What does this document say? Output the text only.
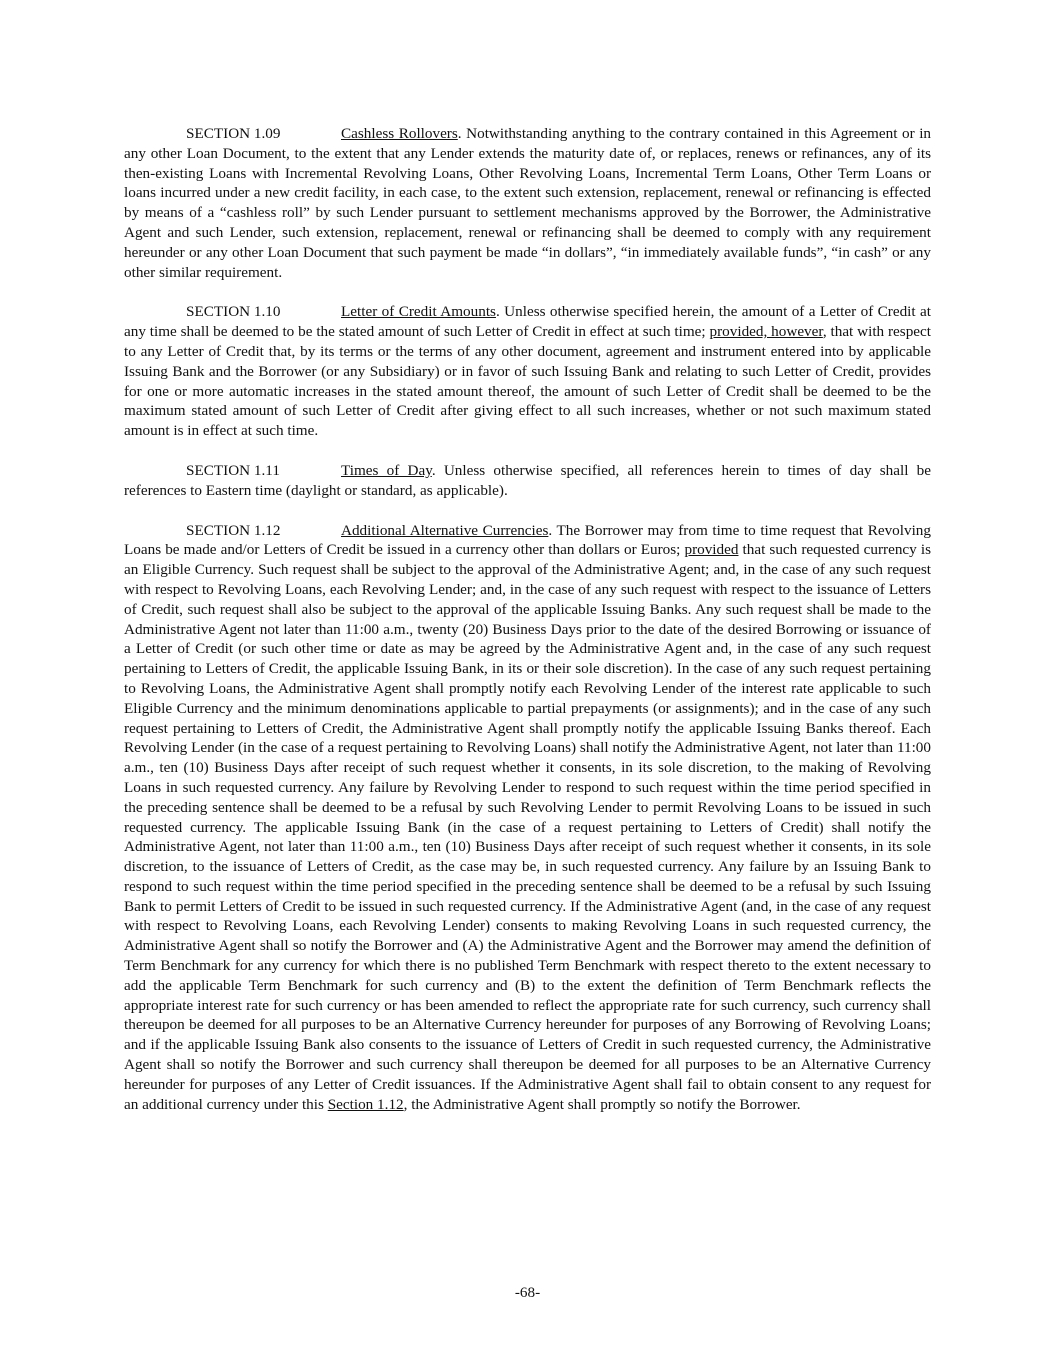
SECTION 1.09	Cashless Rollovers. Notwithstanding anything to the contrary contained in this Agreement or in any other Loan Document, to the extent that any Lender extends the maturity date of, or replaces, renews or refinances, any of its then-existing Loans with Incremental Revolving Loans, Other Revolving Loans, Incremental Term Loans, Other Term Loans or loans incurred under a new credit facility, in each case, to the extent such extension, replacement, renewal or refinancing is effected by means of a “cashless roll” by such Lender pursuant to settlement mechanisms approved by the Borrower, the Administrative Agent and such Lender, such extension, replacement, renewal or refinancing shall be deemed to comply with any requirement hereunder or any other Loan Document that such payment be made “in dollars”, “in immediately available funds”, “in cash” or any other similar requirement.

SECTION 1.10	Letter of Credit Amounts. Unless otherwise specified herein, the amount of a Letter of Credit at any time shall be deemed to be the stated amount of such Letter of Credit in effect at such time; provided, however, that with respect to any Letter of Credit that, by its terms or the terms of any other document, agreement and instrument entered into by applicable Issuing Bank and the Borrower (or any Subsidiary) or in favor of such Issuing Bank and relating to such Letter of Credit, provides for one or more automatic increases in the stated amount thereof, the amount of such Letter of Credit shall be deemed to be the maximum stated amount of such Letter of Credit after giving effect to all such increases, whether or not such maximum stated amount is in effect at such time.

SECTION 1.11	Times of Day. Unless otherwise specified, all references herein to times of day shall be references to Eastern time (daylight or standard, as applicable).

SECTION 1.12	Additional Alternative Currencies. The Borrower may from time to time request that Revolving Loans be made and/or Letters of Credit be issued in a currency other than dollars or Euros; provided that such requested currency is an Eligible Currency. Such request shall be subject to the approval of the Administrative Agent; and, in the case of any such request with respect to Revolving Loans, each Revolving Lender; and, in the case of any such request with respect to the issuance of Letters of Credit, such request shall also be subject to the approval of the applicable Issuing Banks. Any such request shall be made to the Administrative Agent not later than 11:00 a.m., twenty (20) Business Days prior to the date of the desired Borrowing or issuance of a Letter of Credit (or such other time or date as may be agreed by the Administrative Agent and, in the case of any such request pertaining to Letters of Credit, the applicable Issuing Bank, in its or their sole discretion). In the case of any such request pertaining to Revolving Loans, the Administrative Agent shall promptly notify each Revolving Lender of the interest rate applicable to such Eligible Currency and the minimum denominations applicable to partial prepayments (or assignments); and in the case of any such request pertaining to Letters of Credit, the Administrative Agent shall promptly notify the applicable Issuing Banks thereof. Each Revolving Lender (in the case of a request pertaining to Revolving Loans) shall notify the Administrative Agent, not later than 11:00 a.m., ten (10) Business Days after receipt of such request whether it consents, in its sole discretion, to the making of Revolving Loans in such requested currency. Any failure by Revolving Lender to respond to such request within the time period specified in the preceding sentence shall be deemed to be a refusal by such Revolving Lender to permit Revolving Loans to be issued in such requested currency. The applicable Issuing Bank (in the case of a request pertaining to Letters of Credit) shall notify the Administrative Agent, not later than 11:00 a.m., ten (10) Business Days after receipt of such request whether it consents, in its sole discretion, to the issuance of Letters of Credit, as the case may be, in such requested currency. Any failure by an Issuing Bank to respond to such request within the time period specified in the preceding sentence shall be deemed to be a refusal by such Issuing Bank to permit Letters of Credit to be issued in such requested currency. If the Administrative Agent (and, in the case of any request with respect to Revolving Loans, each Revolving Lender) consents to making Revolving Loans in such requested currency, the Administrative Agent shall so notify the Borrower and (A) the Administrative Agent and the Borrower may amend the definition of Term Benchmark for any currency for which there is no published Term Benchmark with respect thereto to the extent necessary to add the applicable Term Benchmark for such currency and (B) to the extent the definition of Term Benchmark reflects the appropriate interest rate for such currency or has been amended to reflect the appropriate rate for such currency, such currency shall thereupon be deemed for all purposes to be an Alternative Currency hereunder for purposes of any Borrowing of Revolving Loans; and if the applicable Issuing Bank also consents to the issuance of Letters of Credit in such requested currency, the Administrative Agent shall so notify the Borrower and such currency shall thereupon be deemed for all purposes to be an Alternative Currency hereunder for purposes of any Letter of Credit issuances. If the Administrative Agent shall fail to obtain consent to any request for an additional currency under this Section 1.12, the Administrative Agent shall promptly so notify the Borrower.

-68-
